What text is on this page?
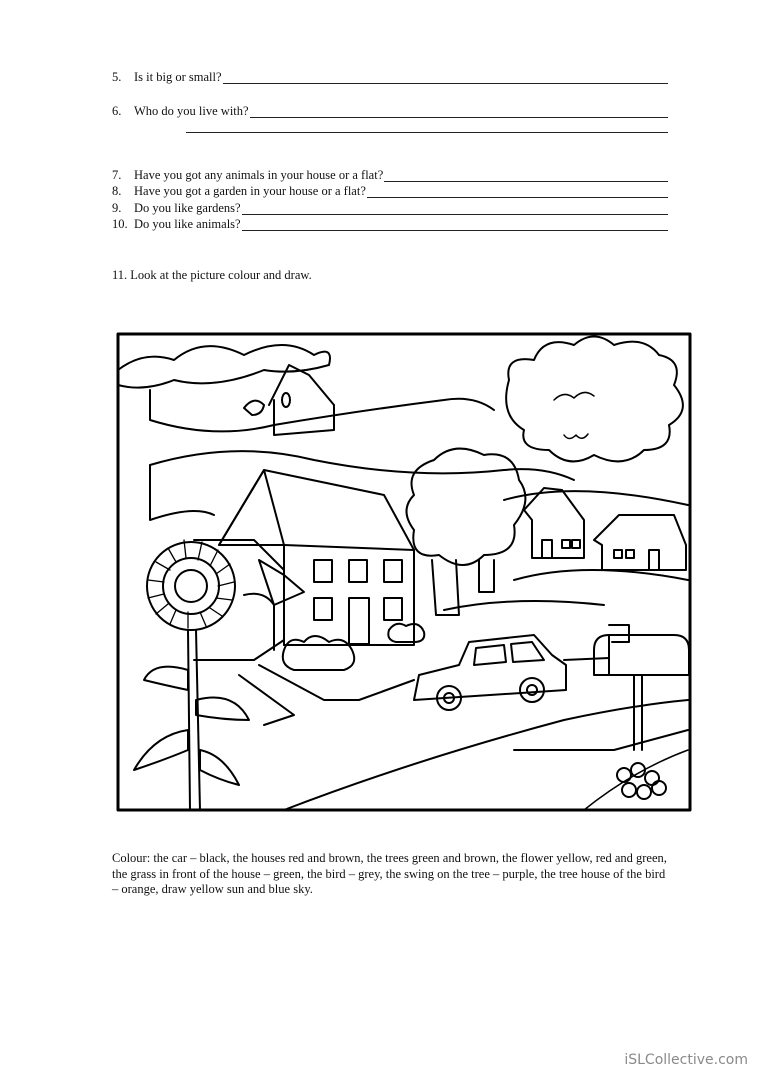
5.	Is it big or small?
6.	Who do you live with?
7.	Have you got any animals in your house or a flat?
8.	Have you got a garden in your house or a flat?
9.	Do you like gardens?
10. Do you like animals?
11. Look at the picture colour and draw.
Colour: the car – black, the houses red and brown, the trees green and brown, the flower yellow, red and green, the grass in front of the house – green, the bird – grey, the swing on the tree – purple, the tree house of the bird – orange, draw yellow sun and blue sky.
iSLCollective.com
